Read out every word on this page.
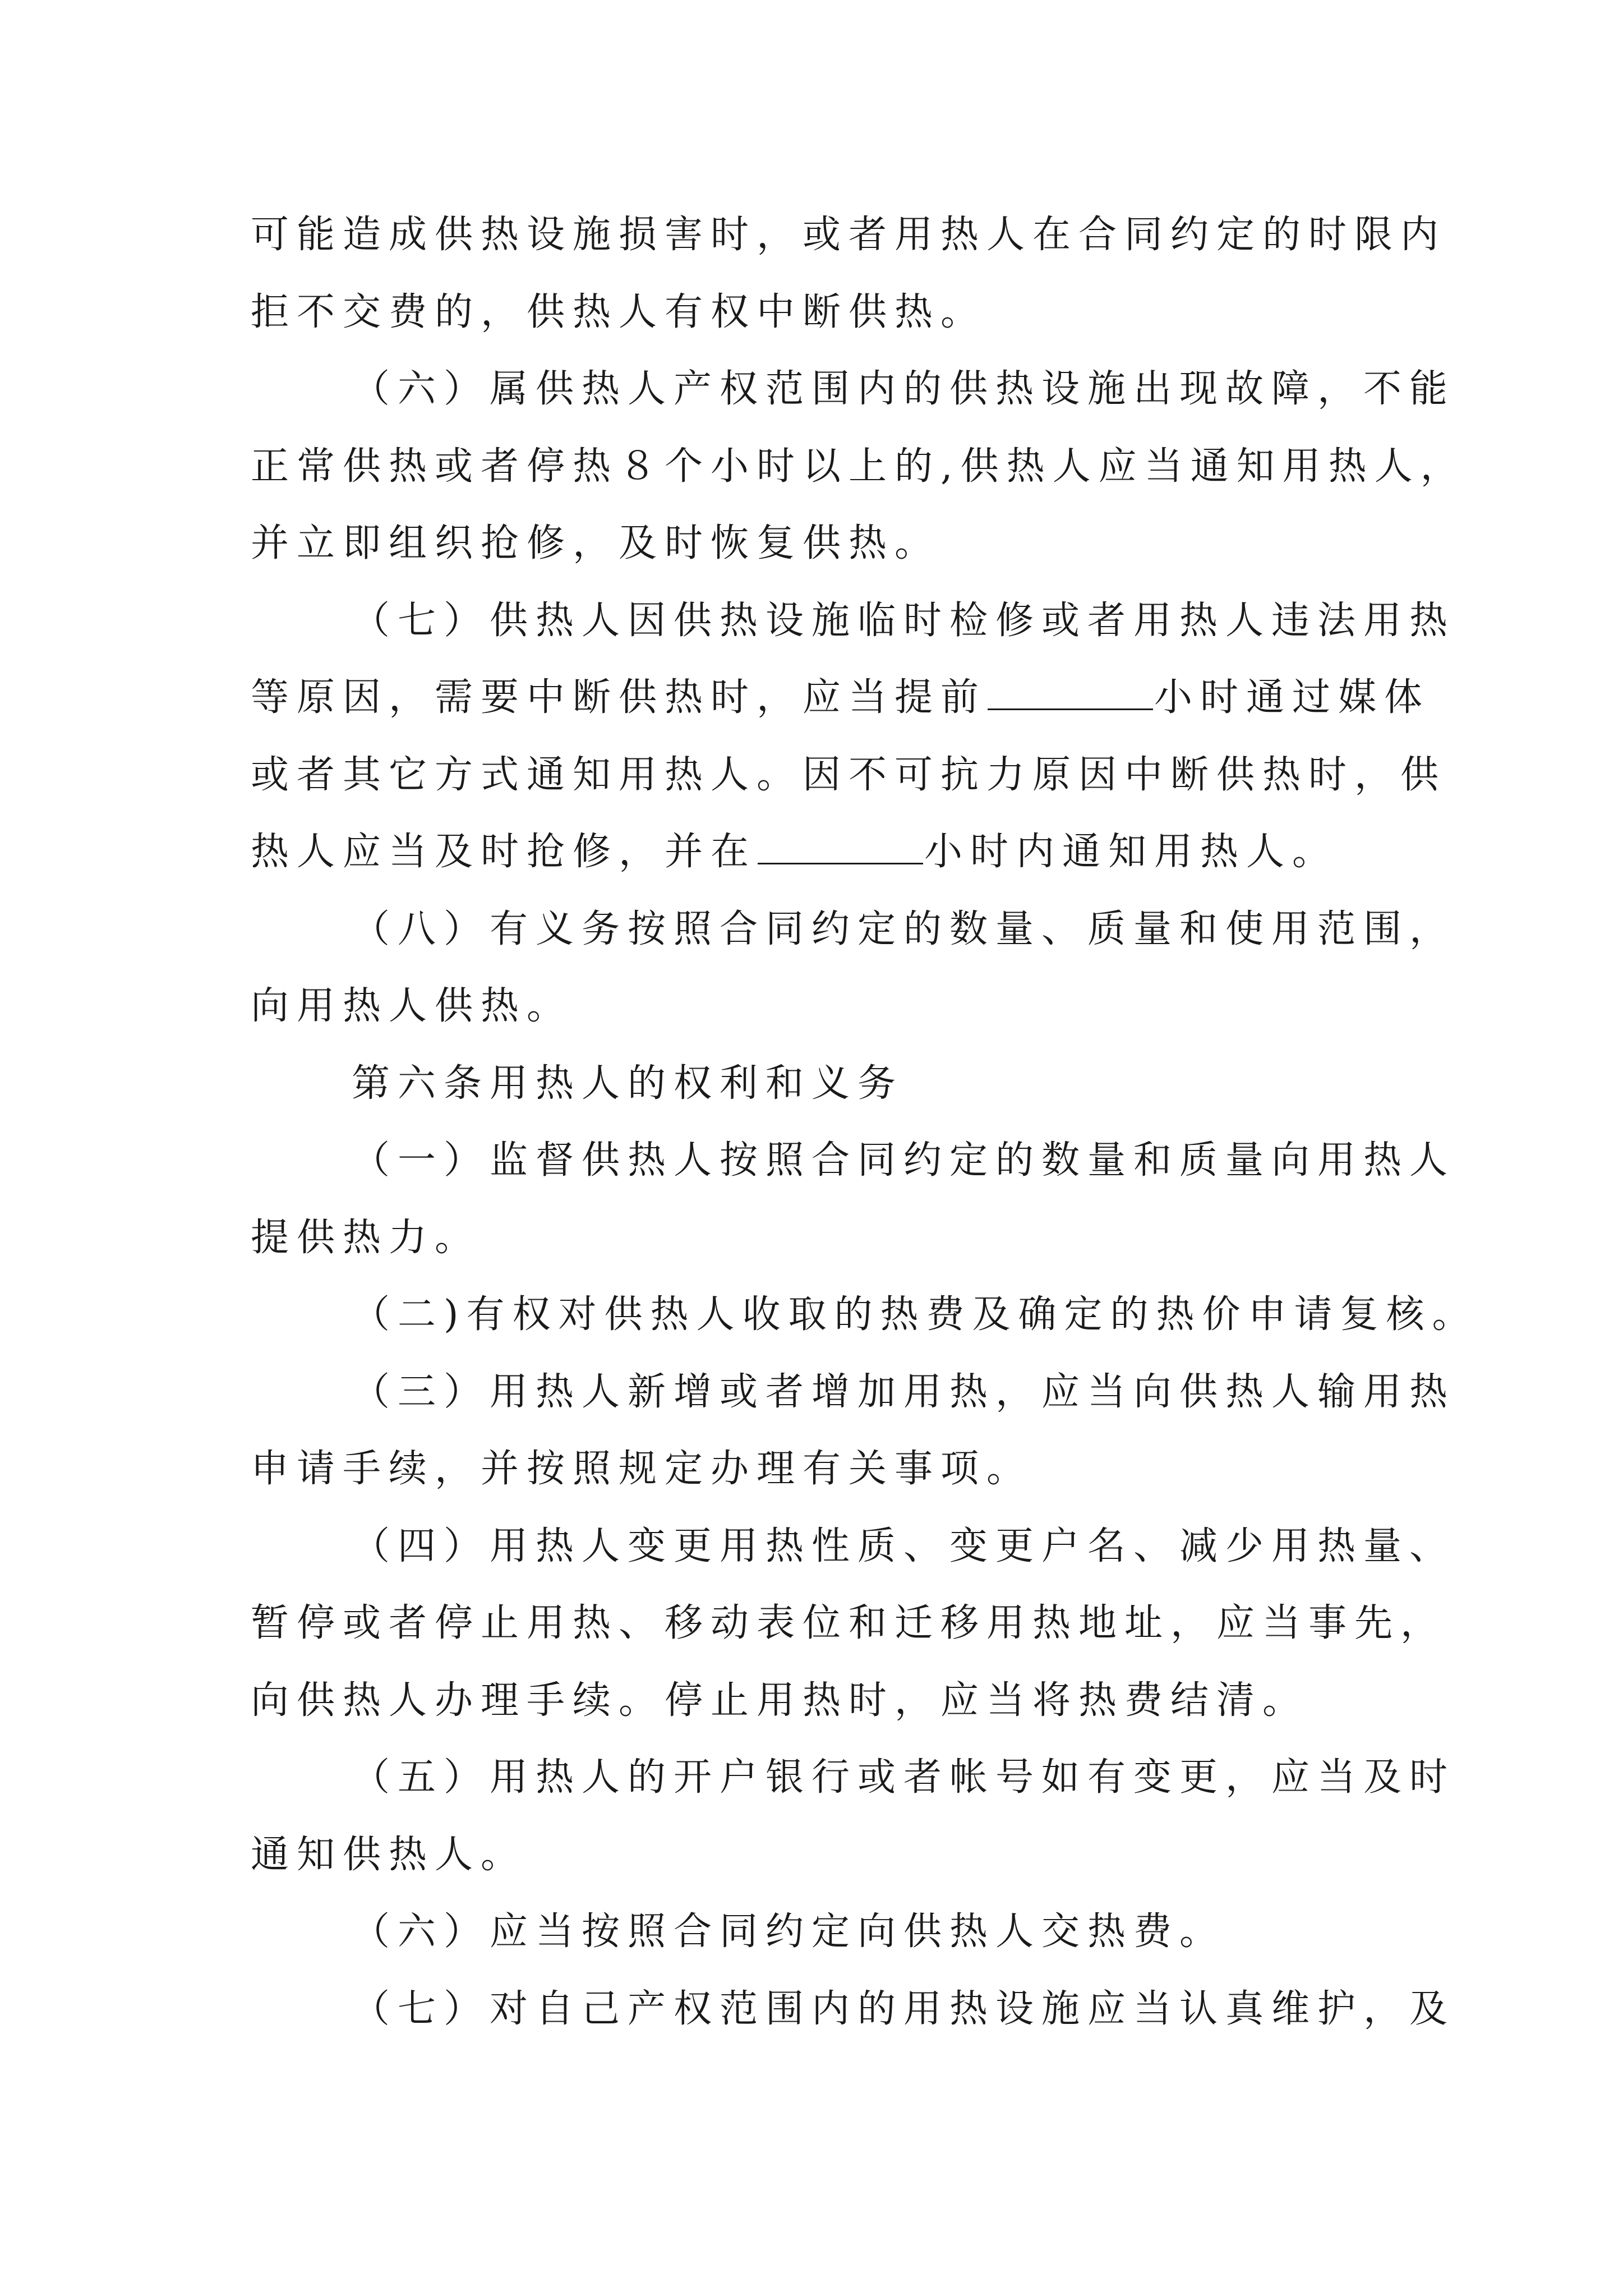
可能造成供热设施损害时，或者用热人在合同约定的时限内
拒不交费的，供热人有权中断供热。
（六）属供热人产权范围内的供热设施出现故障，不能
正常供热或者停热８个小时以上的,供热人应当通知用热人，
并立即组织抢修，及时恢复供热。
（七）供热人因供热设施临时检修或者用热人违法用热
等原因，需要中断供热时，应当提前	小时通过媒体
或者其它方式通知用热人。因不可抗力原因中断供热时，供
热人应当及时抢修，并在	小时内通知用热人。
（八）有义务按照合同约定的数量、质量和使用范围，
向用热人供热。
第六条用热人的权利和义务
（一）监督供热人按照合同约定的数量和质量向用热人
提供热力。
（二)有权对供热人收取的热费及确定的热价申请复核。
（三）用热人新增或者增加用热，应当向供热人输用热
申请手续，并按照规定办理有关事项。
（四）用热人变更用热性质、变更户名、减少用热量、
暂停或者停止用热、移动表位和迁移用热地址，应当事先，
向供热人办理手续。停止用热时，应当将热费结清。
（五）用热人的开户银行或者帐号如有变更，应当及时
通知供热人。
（六）应当按照合同约定向供热人交热费。
（七）对自己产权范围内的用热设施应当认真维护，及
